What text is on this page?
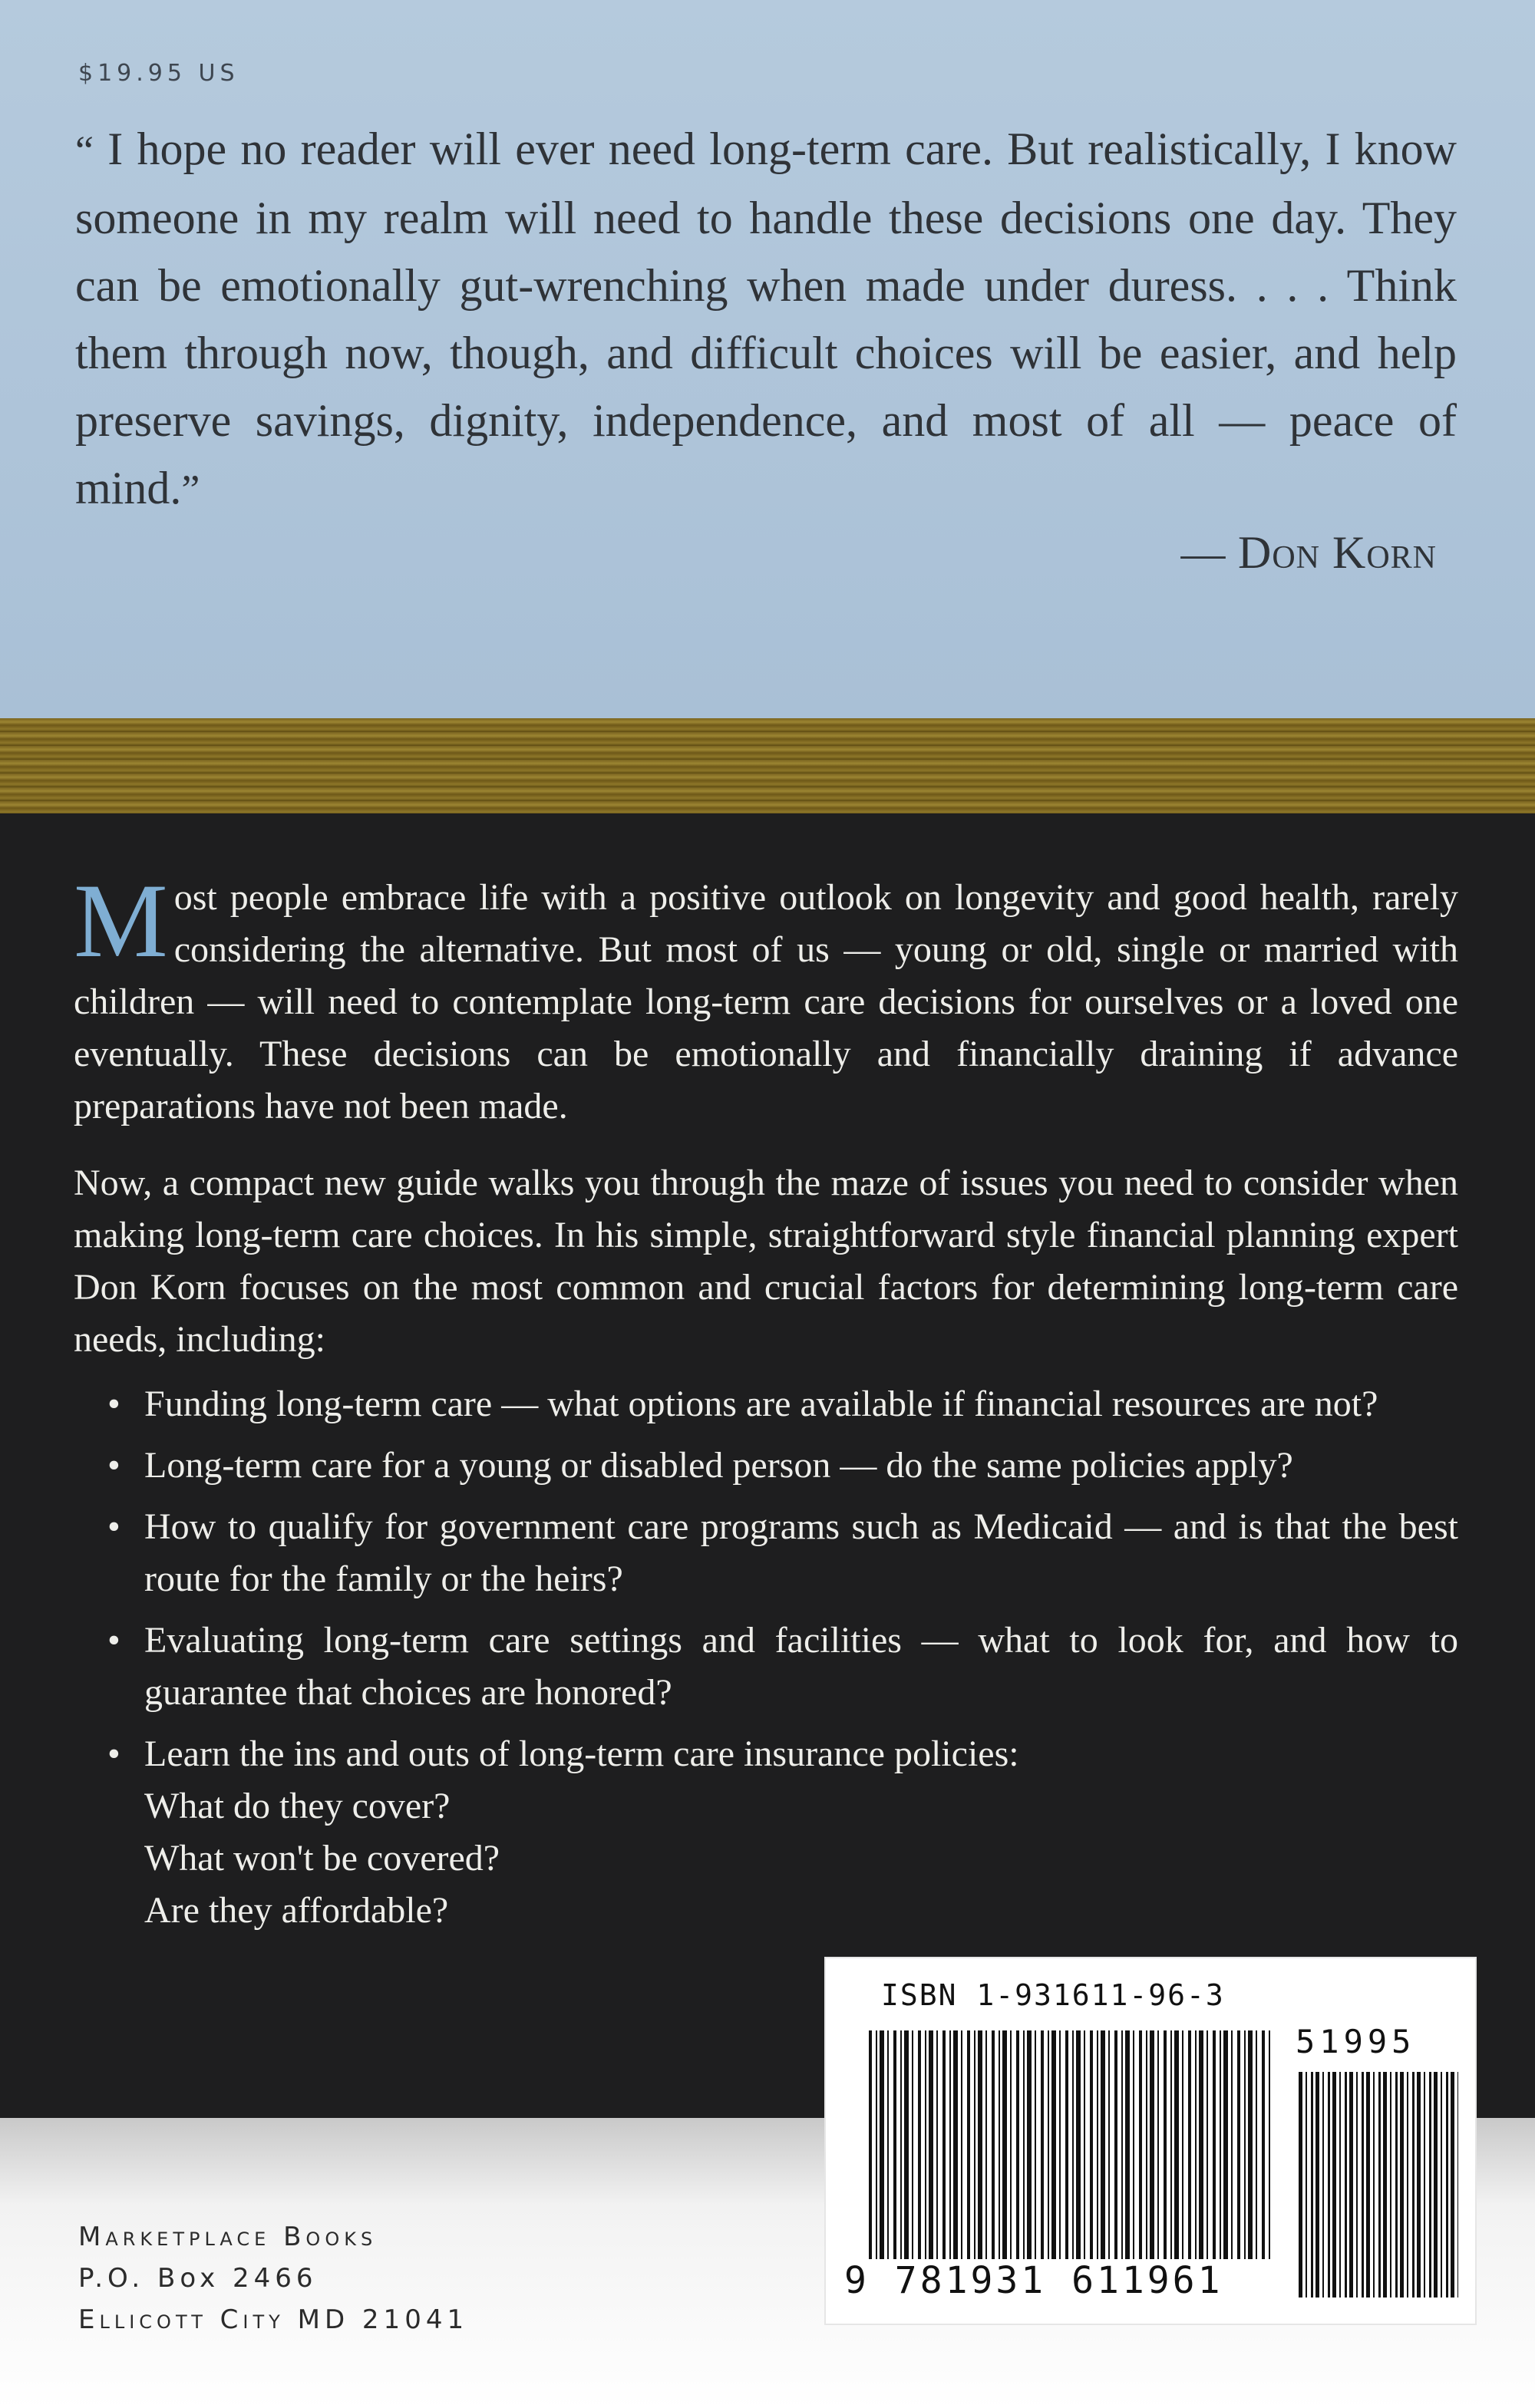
$19.95 US

“ I hope no reader will ever need long-term care. But realistically, I know someone in my realm will need to handle these decisions one day. They can be emotionally gut-wrenching when made under duress. . . . Think them through now, though, and difficult choices will be easier, and help preserve savings, dignity, independence, and most of all — peace of mind.”

— Don Korn

Most people embrace life with a positive outlook on longevity and good health, rarely considering the alternative. But most of us — young or old, single or married with children — will need to contemplate long-term care decisions for ourselves or a loved one eventually. These decisions can be emotionally and financially draining if advance preparations have not been made.

Now, a compact new guide walks you through the maze of issues you need to consider when making long-term care choices. In his simple, straightforward style financial planning expert Don Korn focuses on the most common and crucial factors for determining long-term care needs, including:

• Funding long-term care — what options are available if financial resources are not?
• Long-term care for a young or disabled person — do the same policies apply?
• How to qualify for government care programs such as Medicaid — and is that the best route for the family or the heirs?
• Evaluating long-term care settings and facilities — what to look for, and how to guarantee that choices are honored?
• Learn the ins and outs of long-term care insurance policies:
What do they cover?
What won't be covered?
Are they affordable?
Marketplace Books
P.O. Box 2466
Ellicott City MD 21041
ISBN 1-931611-96-3
51995
9 781931 611961
